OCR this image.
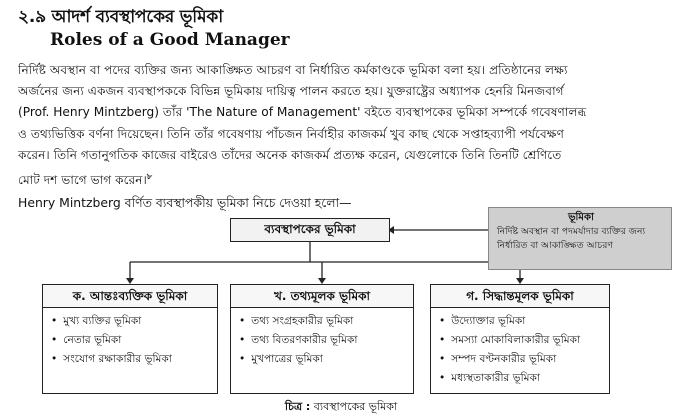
২.৯ আদর্শ ব্যবস্থাপকের ভূমিকা
Roles of a Good Manager
নির্দিষ্ট অবস্থান বা পদের ব্যক্তির জন্য আকাঙ্ক্ষিত আচরণ বা নির্ধারিত কর্মকাণ্ডকে ভূমিকা বলা হয়। প্রতিষ্ঠানের লক্ষ্য
অর্জনের জন্য একজন ব্যবস্থাপককে বিভিন্ন ভূমিকায় দায়িত্ব পালন করতে হয়। যুক্তরাষ্ট্রের অধ্যাপক হেনরি মিনজবার্গ
(Prof. Henry Mintzberg) তাঁর 'The Nature of Management' বইতে ব্যবস্থাপকের ভূমিকা সম্পর্কে গবেষণালব্ধ
ও তথ্যভিত্তিক বর্ণনা দিয়েছেন। তিনি তাঁর গবেষণায় পাঁচজন নির্বাহীর কাজকর্ম খুব কাছ থেকে সপ্তাহব্যাপী পর্যবেক্ষণ
করেন। তিনি গতানুগতিক কাজের বাইরেও তাঁদের অনেক কাজকর্ম প্রত্যক্ষ করেন, যেগুলোকে তিনি তিনটি শ্রেণিতে
মোট দশ ভাগে ভাগ করেন।$^৮$
Henry Mintzberg বর্ণিত ব্যবস্থাপকীয় ভূমিকা নিচে দেওয়া হলো—
ব্যবস্থাপকের ভূমিকা
ভূমিকা
নির্দিষ্ট অবস্থান বা পদমর্যাদার ব্যক্তির জন্য নির্ধারিত বা আকাঙ্ক্ষিত আচরণ
ক. আন্তঃব্যক্তিক ভূমিকা
• মুখ্য ব্যক্তির ভূমিকা
• নেতার ভূমিকা
• সংযোগ রক্ষাকারীর ভূমিকা
খ. তথ্যমূলক ভূমিকা
• তথ্য সংগ্রহকারীর ভূমিকা
• তথ্য বিতরণকারীর ভূমিকা
• মুখপাত্রের ভূমিকা
গ. সিদ্ধান্তমূলক ভূমিকা
• উদ্যোক্তার ভূমিকা
• সমস্যা মোকাবিলাকারীর ভূমিকা
• সম্পদ বণ্টনকারীর ভূমিকা
• মধ্যস্থতাকারীর ভূমিকা
চিত্র : ব্যবস্থাপকের ভূমিকা
